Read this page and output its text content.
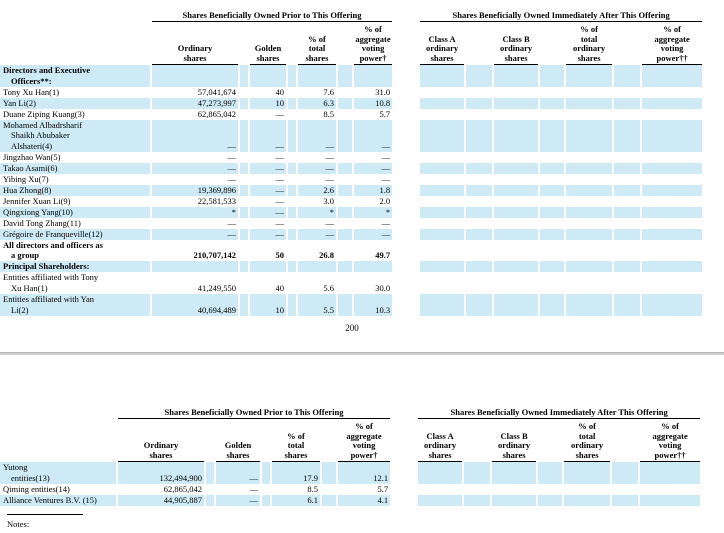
	Shares Beneficially Owned Prior to This Offering								Shares Beneficially Owned Immediately After This Offering						
	Ordinary
shares		Golden
shares		% of
total
shares		% of
aggregate
voting
power†		Class A
ordinary
shares		Class B
ordinary
shares		% of
total
ordinary
shares		% of
aggregate
voting
power††

Directors and Executive
Officers**:															

Tony Xu Han(1)	57,041,674		40		7.6		31.0								

Yan Li(2)	47,273,997		10		6.3		10.8								

Duane Ziping Kuang(3)	62,865,042		—		8.5		5.7								

Mohamed Albadrsharif
Shaikh Abubaker
Alshateri(4)	—		—		—		—								

Jingzhao Wan(5)	—		—		—		—								

Takao Asami(6)	—		—		—		—								

Yibing Xu(7)	—		—		—		—								

Hua Zhong(8)	19,369,896		—		2.6		1.8								

Jennifer Xuan Li(9)	22,581,533		—		3.0		2.0								

Qingxiong Yang(10)	*		—		*		*								

David Tong Zhang(11)	—		—		—		—								

Grégoire de Franqueville(12)	—		—		—		—								

All directors and officers as
a group	210,707,142		50		26.8		49.7								

Principal Shareholders:															

Entities affiliated with Tony
Xu Han(1)	41,249,550		40		5.6		30.0								

Entities affiliated with Yan
Li(2)	40,694,489		10		5.5		10.3								
200
	Shares Beneficially Owned Prior to This Offering								Shares Beneficially Owned Immediately After This Offering						
	Ordinary
shares		Golden
shares		% of
total
shares		% of
aggregate
voting
power†		Class A
ordinary
shares		Class B
ordinary
shares		% of
total
ordinary
shares		% of
aggregate
voting
power††

Yutong
entities(13)	132,494,900		—		17.9		12.1								

Qiming entities(14)	62,865,042		—		8.5		5.7								

Alliance Ventures B.V. (15)	44,905,887		—		6.1		4.1								
Notes:
